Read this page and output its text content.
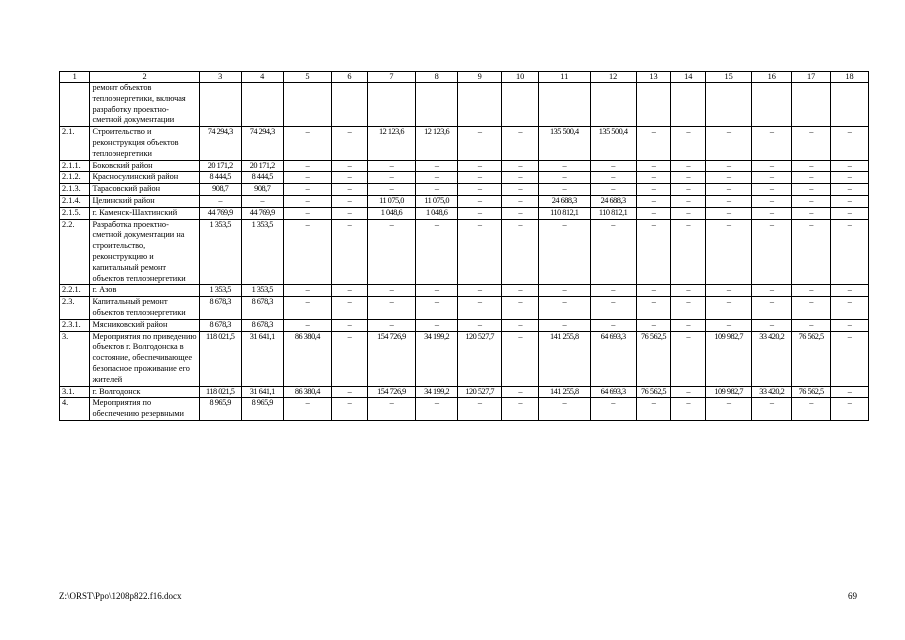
1	2	3	4	5	6	7	8	9	10	11	12	13	14	15	16	17	18
	ремонт объектов теплоэнергетики, включая разработку проектно-сметной документации																
2.1.	Строительство и реконструкция объектов теплоэнергетики	74 294,3	74 294,3	–	–	12 123,6	12 123,6	–	–	135 500,4	135 500,4	–	–	–	–	–	–
2.1.1.	Боковский район	20 171,2	20 171,2	–	–	–	–	–	–	–	–	–	–	–	–	–	–
2.1.2.	Красносулинский район	8 444,5	8 444,5	–	–	–	–	–	–	–	–	–	–	–	–	–	–
2.1.3.	Тарасовский район	908,7	908,7	–	–	–	–	–	–	–	–	–	–	–	–	–	–
2.1.4.	Целинский район	–	–	–	–	11 075,0	11 075,0	–	–	24 688,3	24 688,3	–	–	–	–	–	–
2.1.5.	г. Каменск-Шахтинский	44 769,9	44 769,9	–	–	1 048,6	1 048,6	–	–	110 812,1	110 812,1	–	–	–	–	–	–
2.2.	Разработка проектно-сметной документации на строительство, реконструкцию и капитальный ремонт объектов теплоэнергетики	1 353,5	1 353,5	–	–	–	–	–	–	–	–	–	–	–	–	–	–
2.2.1.	г. Азов	1 353,5	1 353,5	–	–	–	–	–	–	–	–	–	–	–	–	–	–
2.3.	Капитальный ремонт объектов теплоэнергетики	8 678,3	8 678,3	–	–	–	–	–	–	–	–	–	–	–	–	–	–
2.3.1.	Мясниковский район	8 678,3	8 678,3	–	–	–	–	–	–	–	–	–	–	–	–	–	–
3.	Мероприятия по приведению объектов г. Волгодонска в состояние, обеспечивающее безопасное проживание его жителей	118 021,5	31 641,1	86 380,4	–	154 726,9	34 199,2	120 527,7	–	141 255,8	64 693,3	76 562,5	–	109 982,7	33 420,2	76 562,5	–
3.1.	г. Волгодонск	118 021,5	31 641,1	86 380,4	–	154 726,9	34 199,2	120 527,7	–	141 255,8	64 693,3	76 562,5	–	109 982,7	33 420,2	76 562,5	–
4.	Мероприятия по обеспечению резервными	8 965,9	8 965,9	–	–	–	–	–	–	–	–	–	–	–	–	–	–
Z:\ORST\Ppo\1208p822.f16.docx	69
